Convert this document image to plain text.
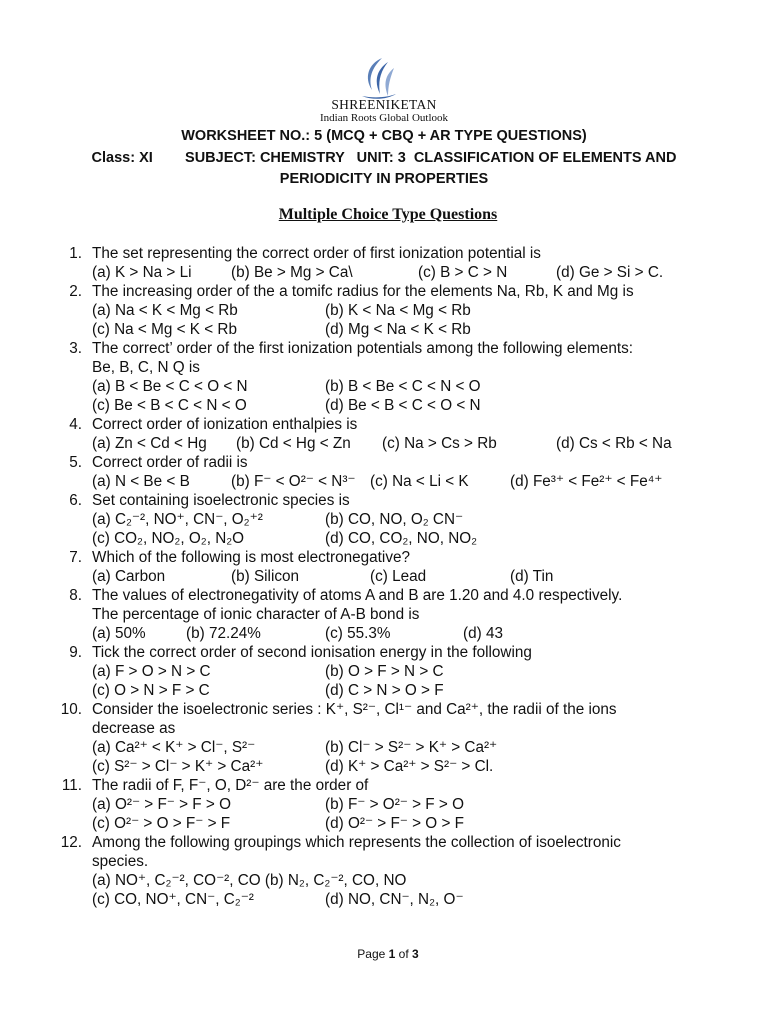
SHREENIKETAN
Indian Roots Global Outlook
WORKSHEET NO.: 5 (MCQ + CBQ + AR TYPE QUESTIONS)
Class: XI        SUBJECT: CHEMISTRY   UNIT: 3  CLASSIFICATION OF ELEMENTS AND
PERIODICITY IN PROPERTIES
Multiple Choice Type Questions
1. The set representing the correct order of first ionization potential is
(a) K > Na > Li	(b) Be > Mg > Ca\	(c) B > C > N	(d) Ge > Si > C.
2. The increasing order of the a tomifc radius for the elements Na, Rb, K and Mg is
(a) Na < K < Mg < Rb	(b) K < Na < Mg < Rb
(c) Na < Mg < K < Rb	(d) Mg < Na < K < Rb
3. The correct’ order of the first ionization potentials among the following elements:
Be, B, C, N Q is
(a) B < Be < C < O < N	(b) B < Be < C < N < O
(c) Be < B < C < N < O	(d) Be < B < C < O < N
4. Correct order of ionization enthalpies is
(a) Zn < Cd < Hg (b) Cd < Hg < Zn (c) Na > Cs > Rb	(d) Cs < Rb < Na
5. Correct order of radii is
(a) N < Be < B	(b) F⁻ < O²⁻ < N³⁻ (c) Na < Li < K	(d) Fe³⁺ < Fe²⁺ < Fe⁴⁺
6. Set containing isoelectronic species is
(a) C₂⁻², NO⁺, CN⁻, O₂⁺²	(b) CO, NO, O₂ CN⁻
(c) CO₂, NO₂, O₂, N₂O	(d) CO, CO₂, NO, NO₂
7. Which of the following is most electronegative?
(a) Carbon	(b) Silicon	(c) Lead	(d) Tin
8. The values of electronegativity of atoms A and B are 1.20 and 4.0 respectively.
The percentage of ionic character of A-B bond is
(a) 50%	(b) 72.24%	(c) 55.3%	(d) 43
9. Tick the correct order of second ionisation energy in the following
(a) F > O > N > C	(b) O > F > N > C
(c) O > N > F > C	(d) C > N > O > F
10. Consider the isoelectronic series : K⁺, S²⁻, Cl¹⁻ and Ca²⁺, the radii of the ions
decrease as
(a) Ca²⁺ < K⁺ > Cl⁻, S²⁻	(b) Cl⁻ > S²⁻ > K⁺ > Ca²⁺
(c) S²⁻ > Cl⁻ > K⁺ > Ca²⁺	(d) K⁺ > Ca²⁺ > S²⁻ > Cl.
11. The radii of F, F⁻, O, D²⁻ are the order of
(a) O²⁻ > F⁻ > F > O	(b) F⁻ > O²⁻ > F > O
(c) O²⁻ > O > F⁻ > F	(d) O²⁻ > F⁻ > O > F
12. Among the following groupings which represents the collection of isoelectronic
species.
(a) NO⁺, C₂⁻², CO⁻², CO (b) N₂, C₂⁻², CO, NO
(c) CO, NO⁺, CN⁻, C₂⁻²	(d) NO, CN⁻, N₂, O⁻
Page 1 of 3
